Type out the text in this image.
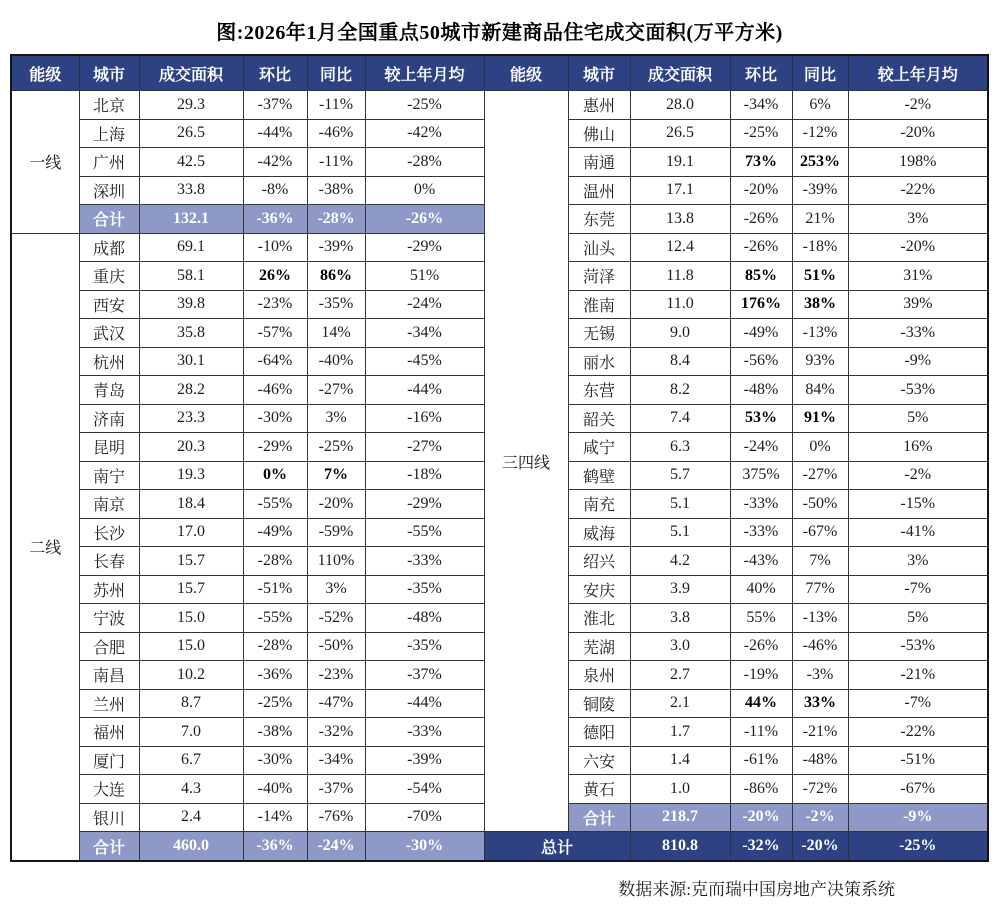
图:2026年1月全国重点50城市新建商品住宅成交面积(万平方米)
能级	城市	成交面积	环比	同比	较上年月均	能级	城市	成交面积	环比	同比	较上年月均
一线	北京	29.3	-37%	-11%	-25%	三四线	惠州	28.0	-34%	6%	-2%
	上海	26.5	-44%	-46%	-42%		佛山	26.5	-25%	-12%	-20%
	广州	42.5	-42%	-11%	-28%		南通	19.1	73%	253%	198%
	深圳	33.8	-8%	-38%	0%		温州	17.1	-20%	-39%	-22%
	合计	132.1	-36%	-28%	-26%		东莞	13.8	-26%	21%	3%
二线	成都	69.1	-10%	-39%	-29%		汕头	12.4	-26%	-18%	-20%
	重庆	58.1	26%	86%	51%		菏泽	11.8	85%	51%	31%
	西安	39.8	-23%	-35%	-24%		淮南	11.0	176%	38%	39%
	武汉	35.8	-57%	14%	-34%		无锡	9.0	-49%	-13%	-33%
	杭州	30.1	-64%	-40%	-45%		丽水	8.4	-56%	93%	-9%
	青岛	28.2	-46%	-27%	-44%		东营	8.2	-48%	84%	-53%
	济南	23.3	-30%	3%	-16%		韶关	7.4	53%	91%	5%
	昆明	20.3	-29%	-25%	-27%		咸宁	6.3	-24%	0%	16%
	南宁	19.3	0%	7%	-18%		鹤壁	5.7	375%	-27%	-2%
	南京	18.4	-55%	-20%	-29%		南充	5.1	-33%	-50%	-15%
	长沙	17.0	-49%	-59%	-55%		威海	5.1	-33%	-67%	-41%
	长春	15.7	-28%	110%	-33%		绍兴	4.2	-43%	7%	3%
	苏州	15.7	-51%	3%	-35%		安庆	3.9	40%	77%	-7%
	宁波	15.0	-55%	-52%	-48%		淮北	3.8	55%	-13%	5%
	合肥	15.0	-28%	-50%	-35%		芜湖	3.0	-26%	-46%	-53%
	南昌	10.2	-36%	-23%	-37%		泉州	2.7	-19%	-3%	-21%
	兰州	8.7	-25%	-47%	-44%		铜陵	2.1	44%	33%	-7%
	福州	7.0	-38%	-32%	-33%		德阳	1.7	-11%	-21%	-22%
	厦门	6.7	-30%	-34%	-39%		六安	1.4	-61%	-48%	-51%
	大连	4.3	-40%	-37%	-54%		黄石	1.0	-86%	-72%	-67%
	银川	2.4	-14%	-76%	-70%		合计	218.7	-20%	-2%	-9%
	合计	460.0	-36%	-24%	-30%	总计		810.8	-32%	-20%	-25%
数据来源:克而瑞中国房地产决策系统
